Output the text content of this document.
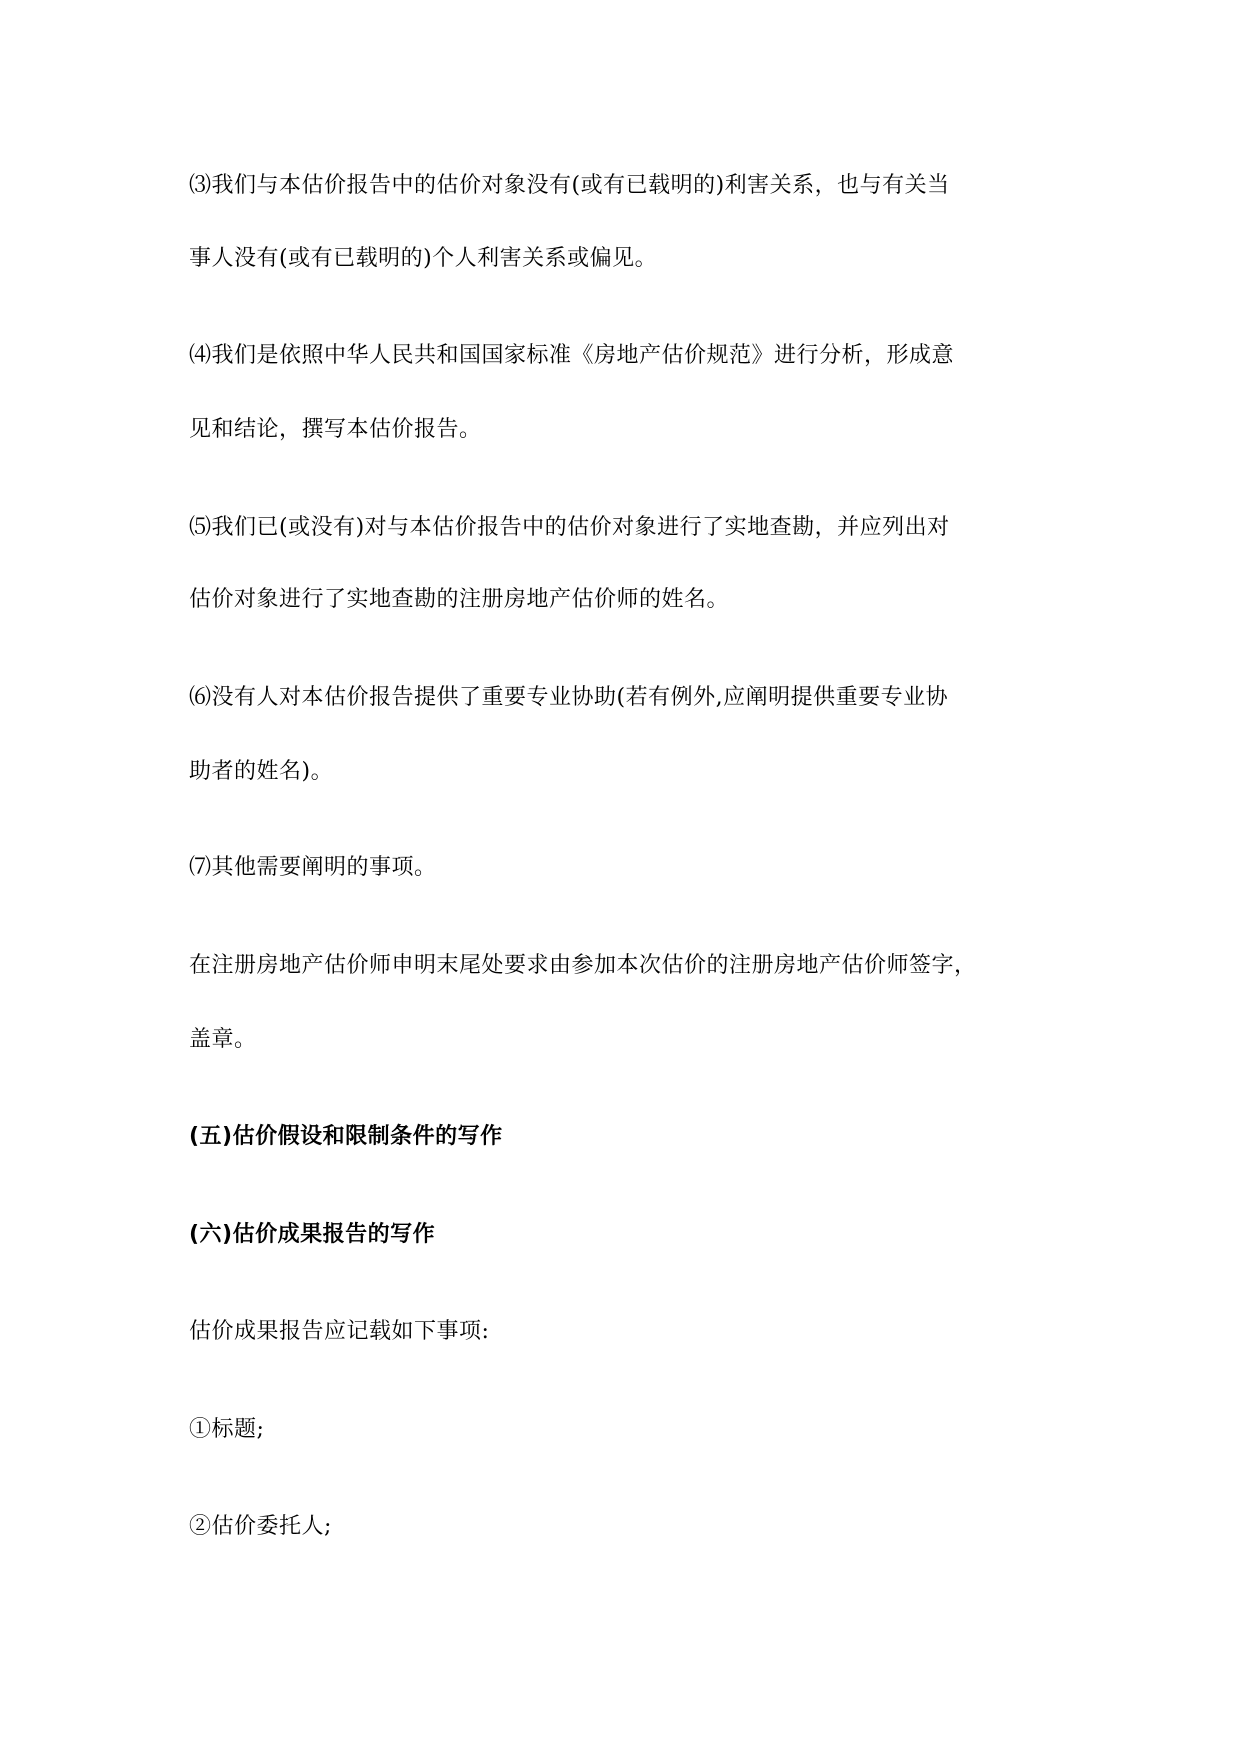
⑶我们与本估价报告中的估价对象没有(或有已载明的)利害关系，也与有关当

事人没有(或有已载明的)个人利害关系或偏见。

⑷我们是依照中华人民共和国国家标准《房地产估价规范》进行分析，形成意

见和结论，撰写本估价报告。

⑸我们已(或没有)对与本估价报告中的估价对象进行了实地查勘，并应列出对

估价对象进行了实地查勘的注册房地产估价师的姓名。

⑹没有人对本估价报告提供了重要专业协助(若有例外,应阐明提供重要专业协

助者的姓名)。

⑺其他需要阐明的事项。

在注册房地产估价师申明末尾处要求由参加本次估价的注册房地产估价师签字，

盖章。

(五)估价假设和限制条件的写作

(六)估价成果报告的写作

估价成果报告应记载如下事项:

①标题;

②估价委托人;
